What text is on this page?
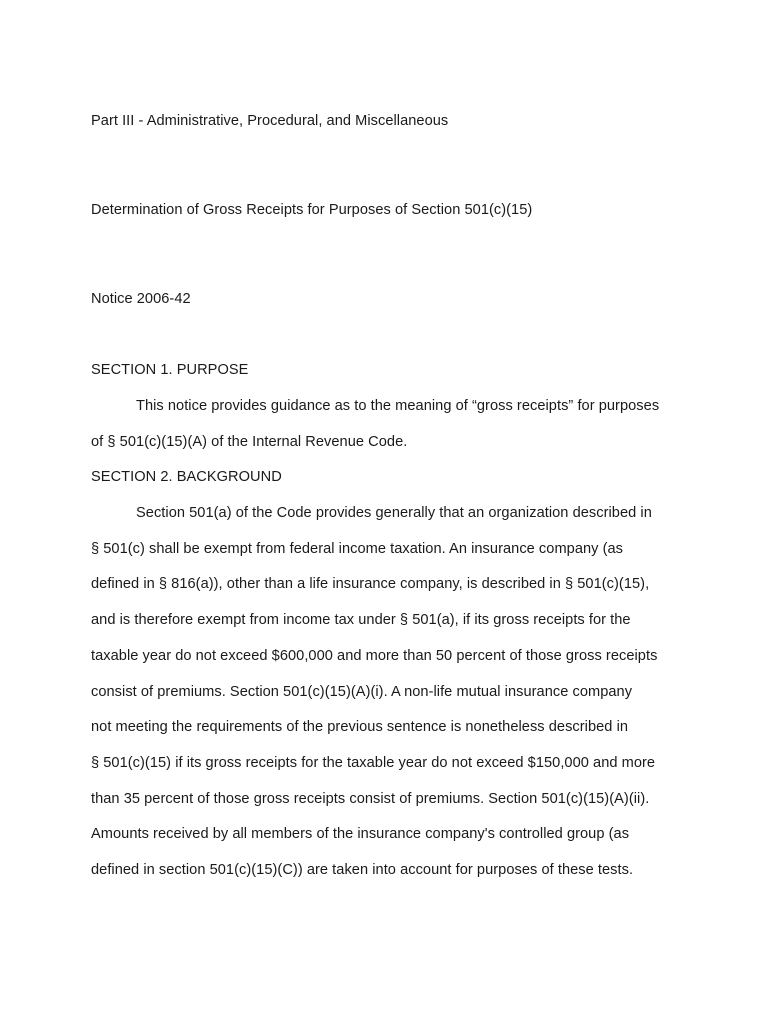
Part III - Administrative, Procedural, and Miscellaneous
Determination of Gross Receipts for Purposes of Section 501(c)(15)
Notice 2006-42
SECTION 1. PURPOSE
This notice provides guidance as to the meaning of “gross receipts” for purposes
of § 501(c)(15)(A) of the Internal Revenue Code.
SECTION 2. BACKGROUND
Section 501(a) of the Code provides generally that an organization described in
§ 501(c) shall be exempt from federal income taxation. An insurance company (as
defined in § 816(a)), other than a life insurance company, is described in § 501(c)(15),
and is therefore exempt from income tax under § 501(a), if its gross receipts for the
taxable year do not exceed $600,000 and more than 50 percent of those gross receipts
consist of premiums. Section 501(c)(15)(A)(i). A non-life mutual insurance company
not meeting the requirements of the previous sentence is nonetheless described in
§ 501(c)(15) if its gross receipts for the taxable year do not exceed $150,000 and more
than 35 percent of those gross receipts consist of premiums. Section 501(c)(15)(A)(ii).
Amounts received by all members of the insurance company's controlled group (as
defined in section 501(c)(15)(C)) are taken into account for purposes of these tests.
